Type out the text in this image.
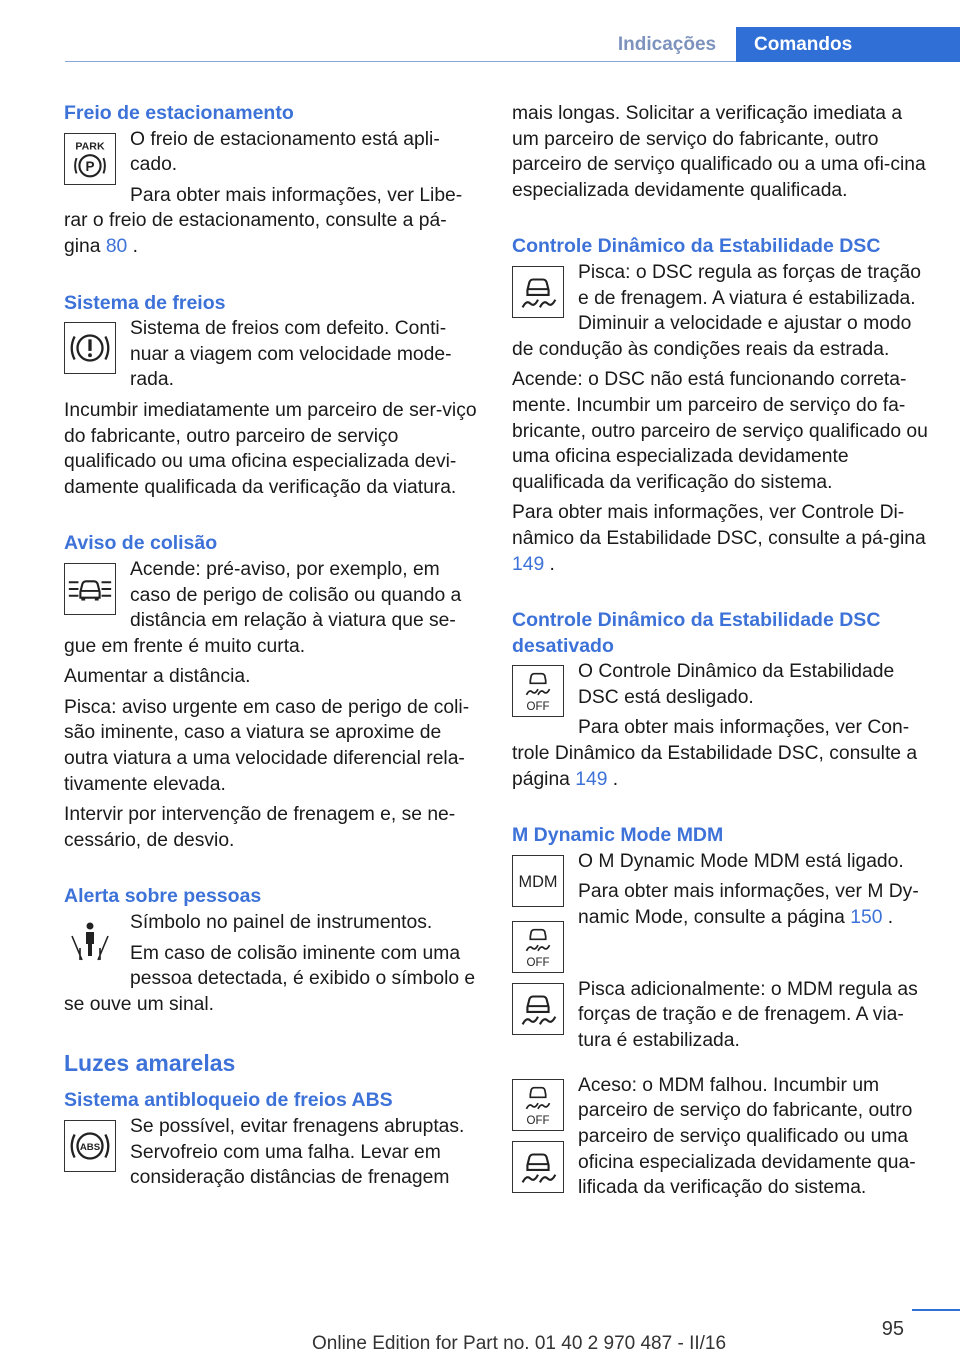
Indicações	Comandos
Freio de estacionamento
PARK
P

O freio de estacionamento está apli‐cado.

Para obter mais informações, ver Libe‐rar o freio de estacionamento, consulte a pá‐gina 80 .

Sistema de freios

Sistema de freios com defeito. Conti‐nuar a viagem com velocidade mode‐rada.

Incumbir imediatamente um parceiro de ser‐viço do fabricante, outro parceiro de serviço qualificado ou uma oficina especializada devi‐damente qualificada da verificação da viatura.

Aviso de colisão

Acende: pré-aviso, por exemplo, em caso de perigo de colisão ou quando a distância em relação à viatura que se‐gue em frente é muito curta.

Aumentar a distância.

Pisca: aviso urgente em caso de perigo de coli‐são iminente, caso a viatura se aproxime de outra viatura a uma velocidade diferencial rela‐tivamente elevada.

Intervir por intervenção de frenagem e, se ne‐cessário, de desvio.

Alerta sobre pessoas

Símbolo no painel de instrumentos.

Em caso de colisão iminente com uma pessoa detectada, é exibido o símbolo e se ouve um sinal.

Luzes amarelas
Sistema antibloqueio de freios ABS
ABS

Se possível, evitar frenagens abruptas. Servofreio com uma falha. Levar em consideração distâncias de frenagem

mais longas. Solicitar a verificação imediata a um parceiro de serviço do fabricante, outro parceiro de serviço qualificado ou a uma ofi‐cina especializada devidamente qualificada.

Controle Dinâmico da Estabilidade DSC

Pisca: o DSC regula as forças de tração e de frenagem. A viatura é estabilizada. Diminuir a velocidade e ajustar o modo de condução às condições reais da estrada.

Acende: o DSC não está funcionando correta‐mente. Incumbir um parceiro de serviço do fa‐bricante, outro parceiro de serviço qualificado ou uma oficina especializada devidamente qualificada da verificação do sistema.

Para obter mais informações, ver Controle Di‐nâmico da Estabilidade DSC, consulte a pá‐gina 149 .

Controle Dinâmico da Estabilidade DSC desativado
OFF

O Controle Dinâmico da Estabilidade DSC está desligado.

Para obter mais informações, ver Con‐trole Dinâmico da Estabilidade DSC, consulte a página 149 .

M Dynamic Mode MDM
MDM
OFF

O M Dynamic Mode MDM está ligado.

Para obter mais informações, ver M Dy‐namic Mode, consulte a página 150 .

Pisca adicionalmente: o MDM regula as forças de tração e de frenagem. A via‐tura é estabilizada.

OFF

Aceso: o MDM falhou. Incumbir um parceiro de serviço do fabricante, outro parceiro de serviço qualificado ou uma oficina especializada devidamente qua‐lificada da verificação do sistema.

95
Online Edition for Part no. 01 40 2 970 487 - II/16
